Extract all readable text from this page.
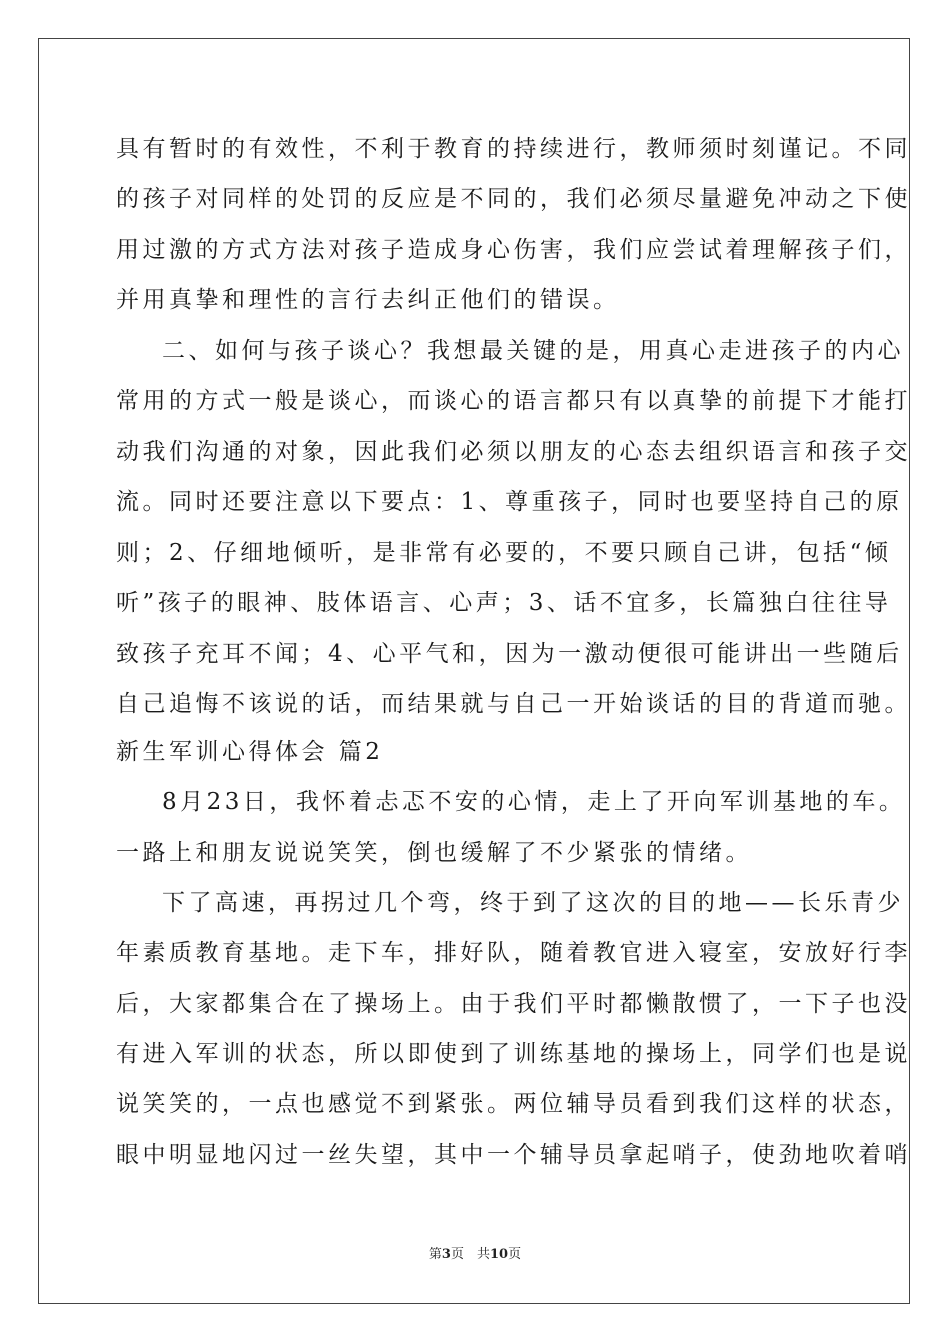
具有暂时的有效性，不利于教育的持续进行，教师须时刻谨记。不同
的孩子对同样的处罚的反应是不同的，我们必须尽量避免冲动之下使
用过激的方式方法对孩子造成身心伤害，我们应尝试着理解孩子们，
并用真挚和理性的言行去纠正他们的错误。
二、如何与孩子谈心？我想最关键的是，用真心走进孩子的内心
常用的方式一般是谈心，而谈心的语言都只有以真挚的前提下才能打
动我们沟通的对象，因此我们必须以朋友的心态去组织语言和孩子交
流。同时还要注意以下要点：1、尊重孩子，同时也要坚持自己的原
则；2、仔细地倾听，是非常有必要的，不要只顾自己讲，包括“倾
听”孩子的眼神、肢体语言、心声；3、话不宜多，长篇独白往往导
致孩子充耳不闻；4、心平气和，因为一激动便很可能讲出一些随后
自己追悔不该说的话，而结果就与自己一开始谈话的目的背道而驰。
新生军训心得体会 篇2
8月23日，我怀着忐忑不安的心情，走上了开向军训基地的车。
一路上和朋友说说笑笑，倒也缓解了不少紧张的情绪。
下了高速，再拐过几个弯，终于到了这次的目的地——长乐青少
年素质教育基地。走下车，排好队，随着教官进入寝室，安放好行李
后，大家都集合在了操场上。由于我们平时都懒散惯了，一下子也没
有进入军训的状态，所以即使到了训练基地的操场上，同学们也是说
说笑笑的，一点也感觉不到紧张。两位辅导员看到我们这样的状态，
眼中明显地闪过一丝失望，其中一个辅导员拿起哨子，使劲地吹着哨
第3页　共10页
